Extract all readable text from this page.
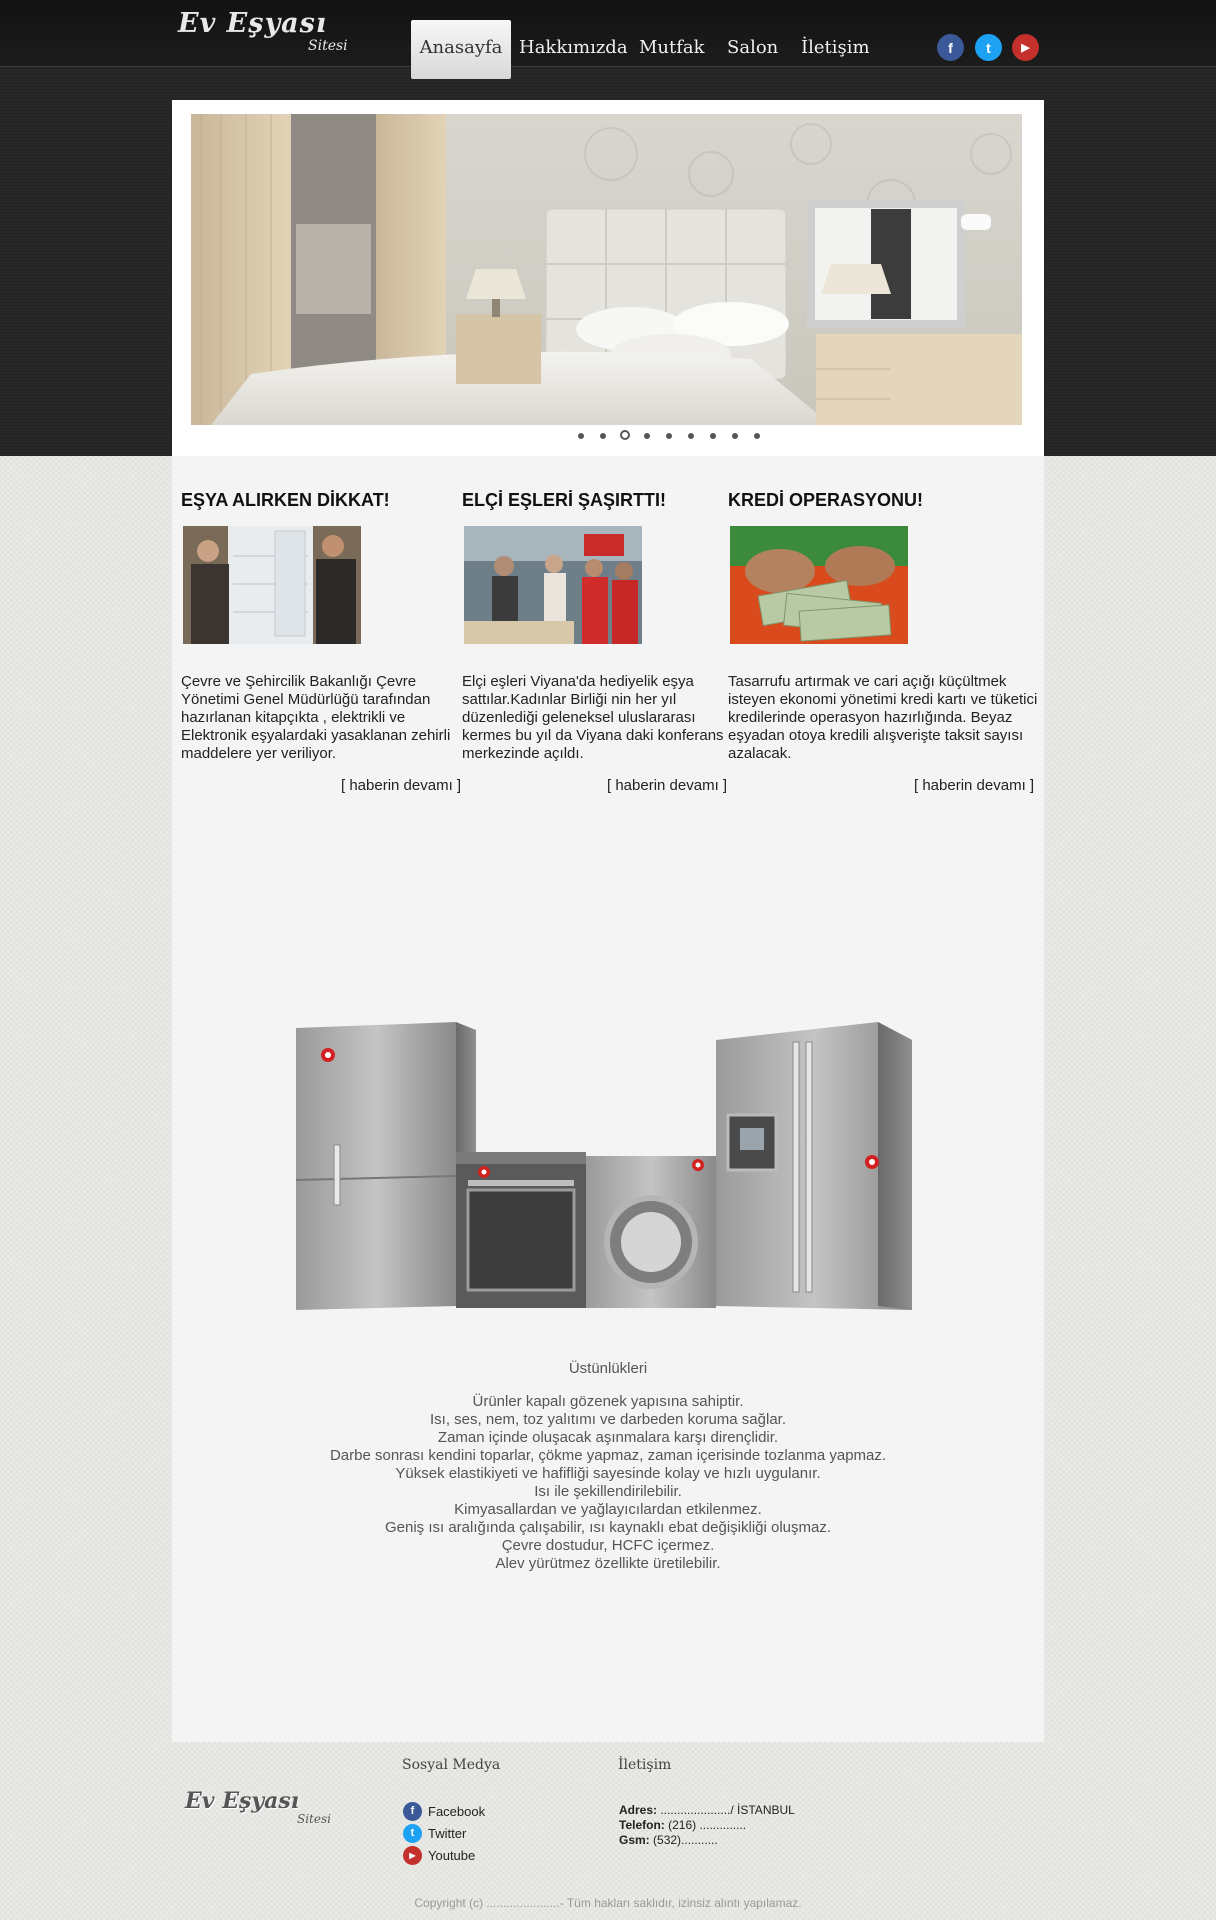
Ev Eşyası
Sitesi	Anasayfa Hakkımızda Mutfak Salon İletişim	f	t	▶
EŞYA ALIRKEN DİKKAT!

Çevre ve Şehircilik Bakanlığı Çevre Yönetimi Genel Müdürlüğü tarafından hazırlanan kitapçıkta , elektrikli ve Elektronik eşyalardaki yasaklanan zehirli maddelere yer veriliyor.

ELÇİ EŞLERİ ŞAŞIRTTI!

Elçi eşleri Viyana'da hediyelik eşya sattılar.Kadınlar Birliği nin her yıl düzenlediği geleneksel uluslararası kermes bu yıl da Viyana daki konferans merkezinde açıldı.

KREDİ OPERASYONU!

Tasarrufu artırmak ve cari açığı küçültmek isteyen ekonomi yönetimi kredi kartı ve tüketici kredilerinde operasyon hazırlığında. Beyaz eşyadan otoya kredili alışverişte taksit sayısı azalacak.

[ haberin devamı ]	[ haberin devamı ]	[ haberin devamı ]
Üstünlükleri
Ürünler kapalı gözenek yapısına sahiptir.
Isı, ses, nem, toz yalıtımı ve darbeden koruma sağlar.
Zaman içinde oluşacak aşınmalara karşı dirençlidir.
Darbe sonrası kendini toparlar, çökme yapmaz, zaman içerisinde tozlanma yapmaz.
Yüksek elastikiyeti ve hafifliği sayesinde kolay ve hızlı uygulanır.
Isı ile şekillendirilebilir.
Kimyasallardan ve yağlayıcılardan etkilenmez.
Geniş ısı aralığında çalışabilir, ısı kaynaklı ebat değişikliği oluşmaz.
Çevre dostudur, HCFC içermez.
Alev yürütmez özellikte üretilebilir.
Ev Eşyası
Sitesi
Sosyal Medya
f	Facebook
t	Twitter
▶ Youtube
İletişim
Adres: ...................../ İSTANBUL
Telefon: (216) ..............
Gsm: (532)...........
Copyright (c) ......................- Tüm hakları saklıdır, izinsiz alıntı yapılamaz.
